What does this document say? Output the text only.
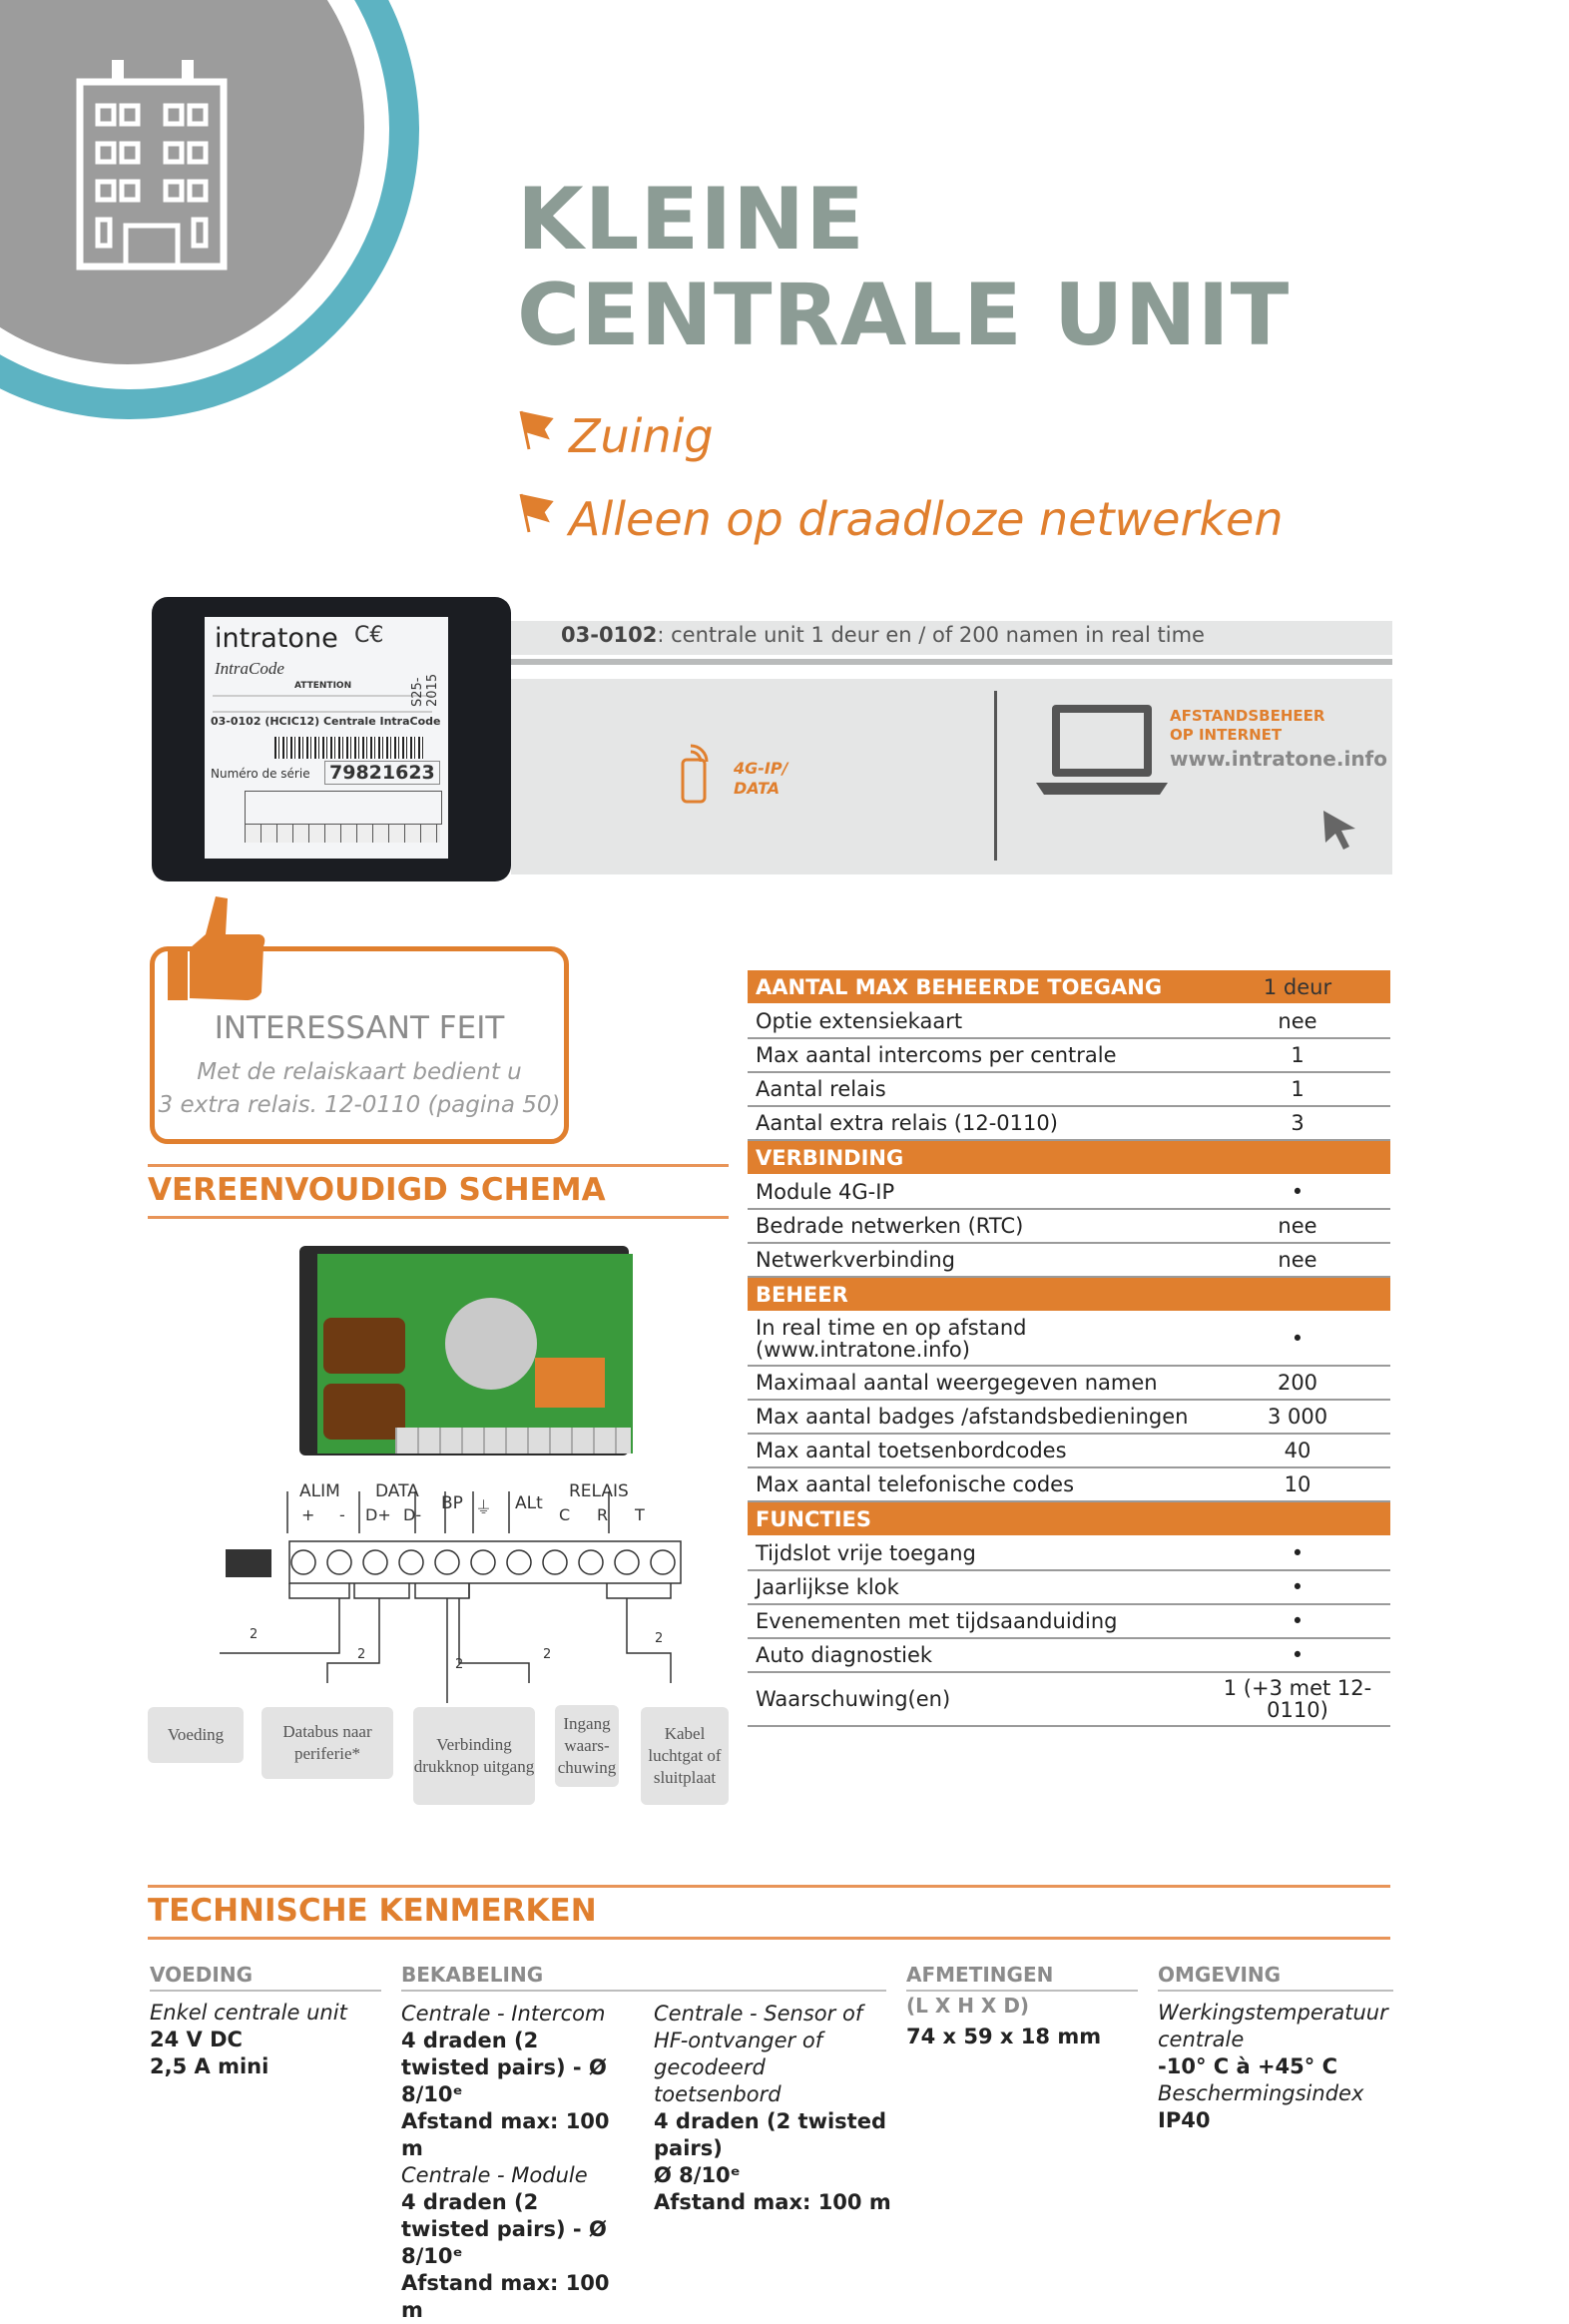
KLEINE
CENTRALE UNIT
Zuinig
Alleen op draadloze netwerken
03-0102: centrale unit 1 deur en / of 200 namen in real time
intratone C€
IntraCode
ATTENTION
03-0102 (HCIC12) Centrale IntraCode
Numéro de série 79821623
S25-2015
4G-IP/ DATA
AFSTANDSBEHEER OP INTERNET
www.intratone.info
INTERESSANT FEIT
Met de relaiskaart bedient u
3 extra relais. 12-0110 (pagina 50)
VEREENVOUDIGD SCHEMA
ALIM DATA
BP ⏚ ALt
RELAIS
+ - D+ D-	C R T
2
2
2
2
2
Voeding	Databus naar periferie*	Verbinding drukknop uitgang
Ingang waars-chuwing
Kabel luchtgat of sluitplaat
AANTAL MAX BEHEERDE TOEGANG	1 deur
Optie extensiekaart	nee
Max aantal intercoms per centrale	1
Aantal relais	1
Aantal extra relais (12-0110)	3
VERBINDING	
Module 4G-IP	•
Bedrade netwerken (RTC)	nee
Netwerkverbinding	nee
BEHEER	
In real time en op afstand (www.intratone.info)	•
Maximaal aantal weergegeven namen	200
Max aantal badges /afstandsbedieningen	3 000
Max aantal toetsenbordcodes	40
Max aantal telefonische codes	10
FUNCTIES	
Tijdslot vrije toegang	•
Jaarlijkse klok	•
Evenementen met tijdsaanduiding	•
Auto diagnostiek	•
Waarschuwing(en)	1 (+3 met 12-0110)
TECHNISCHE KENMERKEN
VOEDING
Enkel centrale unit
24 V DC
2,5 A mini
BEKABELING
Centrale - Intercom
4 draden (2 twisted pairs) - Ø 8/10ᵉ
Afstand max: 100 m
Centrale - Module
4 draden (2 twisted pairs) - Ø 8/10ᵉ
Afstand max: 100 m
Centrale - Sensor of HF-ontvanger of gecodeerd toetsenbord
4 draden (2 twisted pairs)
Ø 8/10ᵉ
Afstand max: 100 m
AFMETINGEN
(L X H X D)
74 x 59 x 18 mm
OMGEVING
Werkingstemperatuur centrale
-10° C à +45° C
Beschermingsindex
IP40
